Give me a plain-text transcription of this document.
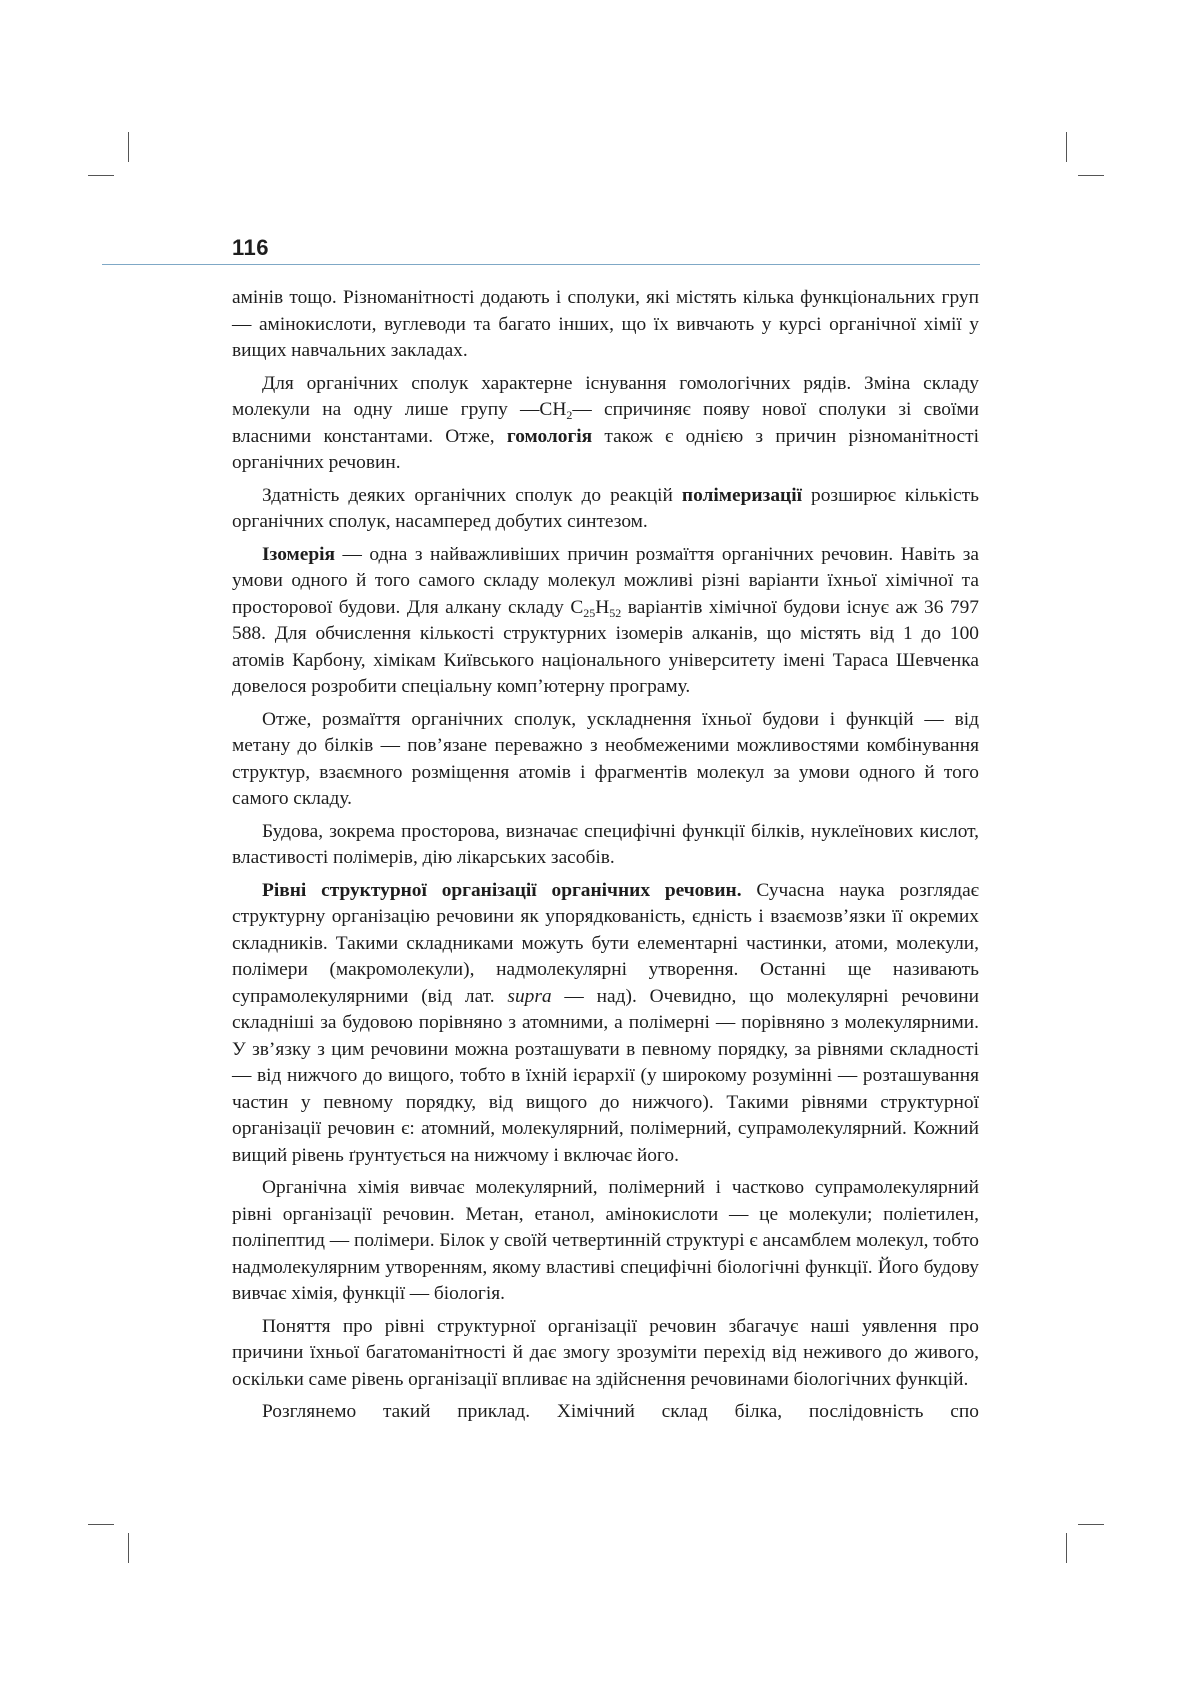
116

амінів тощо. Різноманітності додають і сполуки, які містять кілька функціональних груп — амінокислоти, вуглеводи та багато інших, що їх вивчають у курсі органічної хімії у вищих навчальних закладах.

Для органічних сполук характерне існування гомологічних рядів. Зміна складу молекули на одну лише групу $—CH_2—$ спричиняє появу нової сполуки зі своїми власними константами. Отже, гомологія також є однією з причин різноманітності органічних речовин.

Здатність деяких органічних сполук до реакцій полімеризації розширює кількість органічних сполук, насамперед добутих синтезом.

Ізомерія — одна з найважливіших причин розмаїття органічних речовин. Навіть за умови одного й того самого складу молекул можливі різні варіанти їхньої хімічної та просторової будови. Для алкану складу $C_{25}H_{52}$ варіантів хімічної будови існує аж 36 797 588. Для обчислення кількості структурних ізомерів алканів, що містять від 1 до 100 атомів Карбону, хімікам Київського національного університету імені Тараса Шевченка довелося розробити спеціальну комп’ютерну програму.

Отже, розмаїття органічних сполук, ускладнення їхньої будови і функцій — від метану до білків — пов’язане переважно з необмеженими можливостями комбінування структур, взаємного розміщення атомів і фрагментів молекул за умови одного й того самого складу.

Будова, зокрема просторова, визначає специфічні функції білків, нуклеїнових кислот, властивості полімерів, дію лікарських засобів.

Рівні структурної організації органічних речовин. Сучасна наука розглядає структурну організацію речовини як упорядкованість, єдність і взаємозв’язки її окремих складників. Такими складниками можуть бути елементарні частинки, атоми, молекули, полімери (макромолекули), надмолекулярні утворення. Останні ще називають супрамолекулярними (від лат. supra — над). Очевидно, що молекулярні речовини складніші за будовою порівняно з атомними, а полімерні — порівняно з молекулярними. У зв’язку з цим речовини можна розташувати в певному порядку, за рівнями складності — від нижчого до вищого, тобто в їхній ієрархії (у широкому розумінні — розташування частин у певному порядку, від вищого до нижчого). Такими рівнями структурної організації речовин є: атомний, молекулярний, полімерний, супрамолекулярний. Кожний вищий рівень ґрунтується на нижчому і включає його.

Органічна хімія вивчає молекулярний, полімерний і частково супрамолекулярний рівні організації речовин. Метан, етанол, амінокислоти — це молекули; поліетилен, поліпептид — полімери. Білок у своїй четвертинній структурі є ансамблем молекул, тобто надмолекулярним утворенням, якому властиві специфічні біологічні функції. Його будову вивчає хімія, функції — біологія.

Поняття про рівні структурної організації речовин збагачує наші уявлення про причини їхньої багатоманітності й дає змогу зрозуміти перехід від неживого до живого, оскільки саме рівень організації впливає на здійснення речовинами біологічних функцій.

Розглянемо такий приклад. Хімічний склад білка, послідовність спо
